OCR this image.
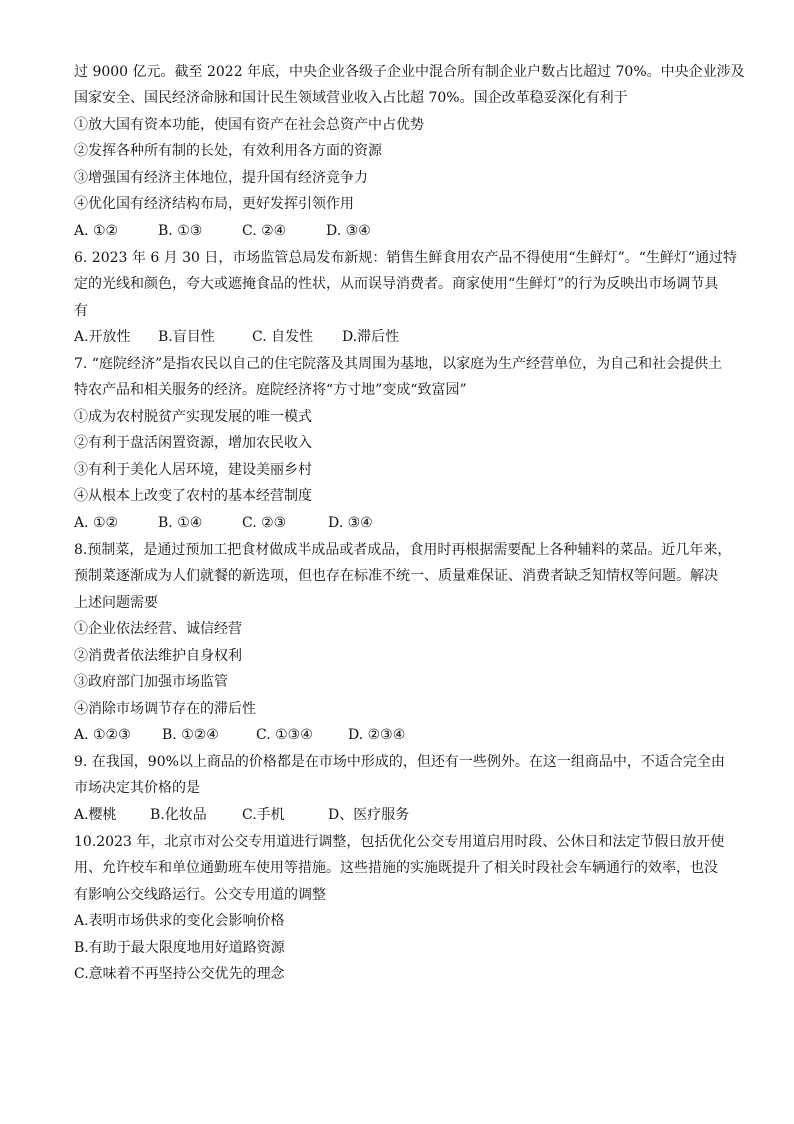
过 9000 亿元。截至 2022 年底，中央企业各级子企业中混合所有制企业户数占比超过 70%。中央企业涉及
国家安全、国民经济命脉和国计民生领域营业收入占比超 70%。国企改革稳妥深化有利于
①放大国有资本功能，使国有资产在社会总资产中占优势
②发挥各种所有制的长处，有效利用各方面的资源
③增强国有经济主体地位，提升国有经济竞争力
④优化国有经济结构布局，更好发挥引领作用
A. ①②	B. ①③	C. ②④	D. ③④
6. 2023 年 6 月 30 日，市场监管总局发布新规：销售生鲜食用农产品不得使用“生鲜灯”。“生鲜灯”通过特
定的光线和颜色，夸大或遮掩食品的性状，从而误导消费者。商家使用“生鲜灯”的行为反映出市场调节具
有
A.开放性 B.盲目性	C. 自发性 D.滞后性
7. “庭院经济”是指农民以自己的住宅院落及其周围为基地，以家庭为生产经营单位，为自己和社会提供土
特农产品和相关服务的经济。庭院经济将“方寸地”变成“致富园”
①成为农村脱贫产实现发展的唯一模式
②有利于盘活闲置资源，增加农民收入
③有利于美化人居环境，建设美丽乡村
④从根本上改变了农村的基本经营制度
A. ①②	B. ①④	C. ②③	D. ③④
8.预制菜，是通过预加工把食材做成半成品或者成品，食用时再根据需要配上各种辅料的菜品。近几年来，
预制菜逐渐成为人们就餐的新选项，但也存在标准不统一、质量难保证、消费者缺乏知情权等问题。解决
上述问题需要
①企业依法经营、诚信经营
②消费者依法维护自身权利
③政府部门加强市场监管
④消除市场调节存在的滞后性
A. ①②③ B. ①②④	C. ①③④	D. ②③④
9. 在我国，90%以上商品的价格都是在市场中形成的，但还有一些例外。在这一组商品中，不适合完全由
市场决定其价格的是
A.樱桃 B.化妆品	C.手机	D、医疗服务
10.2023 年，北京市对公交专用道进行调整，包括优化公交专用道启用时段、公休日和法定节假日放开使
用、允许校车和单位通勤班车使用等措施。这些措施的实施既提升了相关时段社会车辆通行的效率，也没
有影响公交线路运行。公交专用道的调整
A.表明市场供求的变化会影响价格
B.有助于最大限度地用好道路资源
C.意味着不再坚持公交优先的理念
